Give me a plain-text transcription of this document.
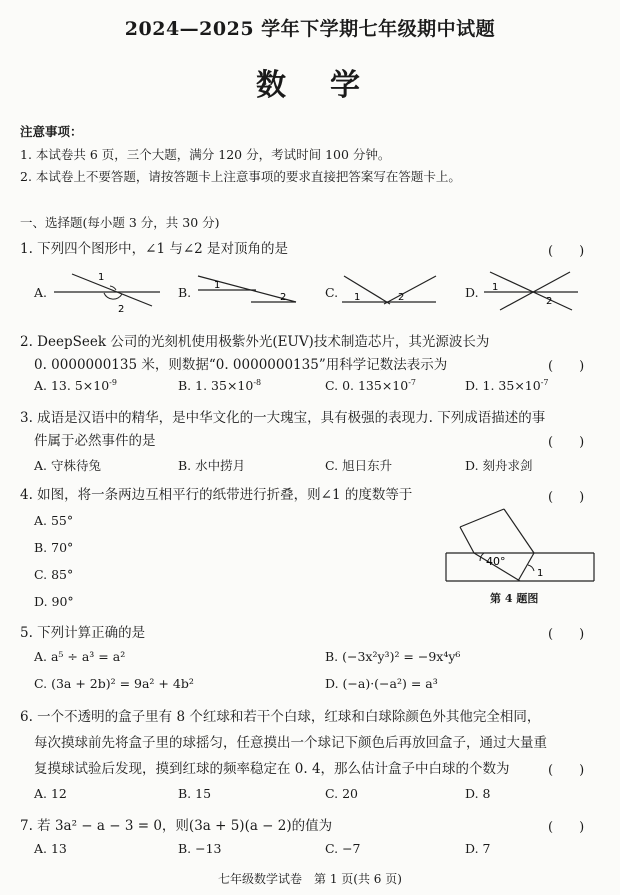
2024—2025 学年下学期七年级期中试题
数学
注意事项：
1. 本试卷共 6 页，三个大题，满分 120 分，考试时间 100 分钟。
2. 本试卷上不要答题，请按答题卡上注意事项的要求直接把答案写在答题卡上。
一、选择题(每小题 3 分，共 30 分)
1. 下列四个图形中，∠1 与∠2 是对顶角的是	(　　)
A.
1
2
B. 1
2	C. 1	2	D. 1
2
2. DeepSeek 公司的光刻机使用极紫外光(EUV)技术制造芯片，其光源波长为
0. 0000000135 米，则数据“0. 0000000135”用科学记数法表示为	(　　)
A. 13. $5\times 10^{-9}$	B. 1. $35\times 10^{-8}$	C. 0. $135\times 10^{-7}$	D. 1. $35\times 10^{-7}$
3. 成语是汉语中的精华，是中华文化的一大瑰宝，具有极强的表现力. 下列成语描述的事
件属于必然事件的是	(　　)
A. 守株待兔	B. 水中捞月	C. 旭日东升	D. 刻舟求剑
4. 如图，将一条两边互相平行的纸带进行折叠，则∠1 的度数等于	(　　)
A. 55°
B. 70°
C. 85°
D. 90°
40°
1
第 4 题图
5. 下列计算正确的是	(　　)
A. a⁵ ÷ a³ = a²	B. (−3x²y³)² = −9x⁴y⁶
C. (3a + 2b)² = 9a² + 4b²	D. (−a)·(−a²) = a³
6. 一个不透明的盒子里有 8 个红球和若干个白球，红球和白球除颜色外其他完全相同，
每次摸球前先将盒子里的球摇匀，任意摸出一个球记下颜色后再放回盒子，通过大量重
复摸球试验后发现，摸到红球的频率稳定在 0. 4，那么估计盒子中白球的个数为	(　　)
A. 12	B. 15	C. 20	D. 8
7. 若 3a² − a − 3 = 0，则(3a + 5)(a − 2)的值为	(　　)
A. 13	B. −13	C. −7	D. 7
七年级数学试卷　第 1 页(共 6 页)
